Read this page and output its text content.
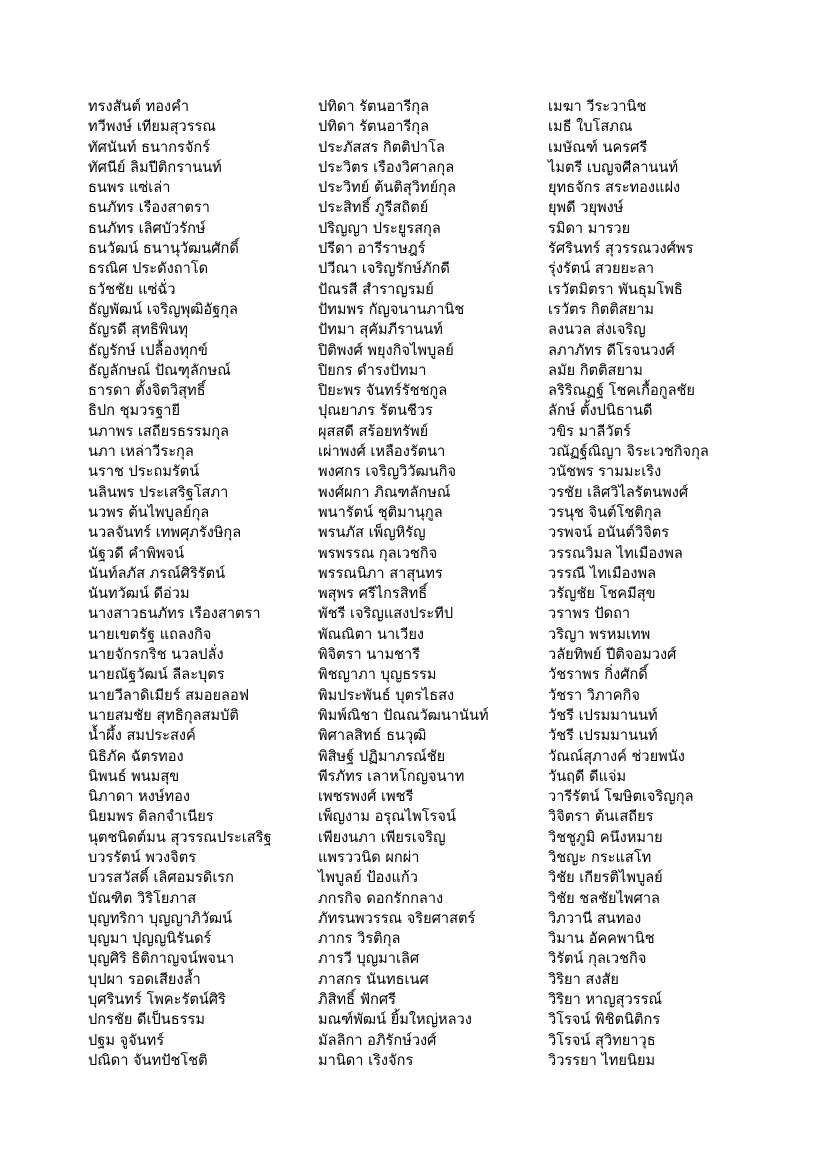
ทรงสันต์ ทองคำ
ทวีพงษ์ เทียมสุวรรณ
ทัศนันท์ ธนากรจักร์
ทัศนีย์ ลิมปีติกรานนท์
ธนพร แซ่เล่า
ธนภัทร เรืองสาตรา
ธนภัทร เลิศบัวรักษ์
ธนวัฒน์ ธนานุวัฒนศักดิ์
ธรณิศ ประดังถาโด
ธวัชชัย แซ่ฉั่ว
ธัญพัฒน์ เจริญพุฒิอัฐกุล
ธัญรดี สุทธิพินทุ
ธัญรักษ์ เปลื้องทุกข์
ธัญลักษณ์ ปัณฑุลักษณ์
ธารดา ตั้งจิตวิสุทธิ์
ธิปก ชุมวรฐายี
นภาพร เสถียรธรรมกุล
นภา เหล่าวีระกุล
นราช ประถมรัตน์
นลินพร ประเสริฐโสภา
นวพร ต้นไพบูลย์กุล
นวลจันทร์ เทพศุภรังษิกุล
นัฐวดี คำพิพจน์
นันท์ลภัส ภรณ์ศิริรัตน์
นันทวัฒน์ ดีอ่วม
นางสาวธนภัทร เรืองสาตรา
นายเขตรัฐ แถลงกิจ
นายจักรกริช นวลปลั่ง
นายณัฐวัฒน์ ลีละบุตร
นายวีลาดิเมียร์ สมอยลอฟ
นายสมชัย สุทธิกุลสมบัติ
น้ำผึ้ง สมประสงค์
นิธิภัค ฉัตรทอง
นิพนธ์ พนมสุข
นิภาดา หงษ์ทอง
นิยมพร ดิลกจำเนียร
นุตชนิดต์มน สุวรรณประเสริฐ
บวรรัตน์ พวงจิตร
บวรสวัสดิ์ เลิศอมรดิเรก
บัณฑิต วิริโยภาส
บุญทริกา บุญญาภิวัฒน์
บุญมา ปุญญนิรันดร์
บุญศิริ ธิติกาญจน์พจนา
บุปผา รอดเสียงล้ำ
บุศรินทร์ โพคะรัตน์ศิริ
ปกรชัย ดีเป็นธรรม
ปฐม จูจันทร์
ปณิดา จันทปัชโชติ
ปทิดา รัตนอารีกุล
ปทิดา รัตนอารีกุล
ประภัสสร กิตติปาโล
ประวิตร เรืองวิศาลกุล
ประวิทย์ ต้นติสุวิทย์กุล
ประสิทธิ์ ภูรีสถิตย์
ปริญญา ประยูรสกุล
ปรีดา อารีราษฎร์
ปวีณา เจริญรักษ์ภักดี
ปัณรสี สำราญรมย์
ปัทมพร กัญจนานภานิช
ปัทมา สุคัมภีรานนท์
ปิติพงศ์ พยุงกิจไพบูลย์
ปิยกร ดำรงปัทมา
ปิยะพร จันทร์รัชชกูล
ปุณยาภร รัตนชีวร
ผุสสดี สร้อยทรัพย์
เผ่าพงศ์ เหลืองรัตนา
พงศกร เจริญวิวัฒนกิจ
พงศ์ผกา ภิณฑลักษณ์
พนารัตน์ ชุติมานุกูล
พรนภัส เพ็ญหิรัญ
พรพรรณ กุลเวชกิจ
พรรณนิภา สาสุนทร
พสุพร ศรีไกรสิทธิ์
พัชรี เจริญแสงประทีป
พัณณิตา นาเวียง
พิจิตรา นามชารี
พิชญาภา บุญธรรม
พิมประพันธ์ บุตรไธสง
พิมพ์ณิชา ปัณณวัฒนานันท์
พิศาลสิทธ์ ธนวุฒิ
พิสิษฐ์ ปฏิมาภรณ์ชัย
พีรภัทร เลาหโกญจนาท
เพชรพงศ์ เพชรี
เพ็ญงาม อรุณไพโรจน์
เพียงนภา เพียรเจริญ
แพรววนิด ผกผ่า
ไพบูลย์ ป้องแก้ว
ภกรกิจ ดอกรักกลาง
ภัทรนพวรรณ จริยศาสตร์
ภากร วิรติกุล
ภารวี บุญมาเลิศ
ภาสกร นันทธเนศ
ภิสิทธิ์ ฟักศรี
มณฑ์พัฒน์ ยิ้มใหญ่หลวง
มัลลิกา อภิรักษ์วงศ์
มานิดา เริงจักร
เมฆา วีระวานิช
เมธี ใบโสภณ
เมษัณฑ์ นครศรี
ไมตรี เบญจศีลานนท์
ยุทธจักร สระทองแฝง
ยุพดี วยุพงษ์
รมิดา มารวย
รัศรินทร์ สุวรรณวงศ์พร
รุ่งรัตน์ สวยยะลา
เรวัตมิตรา พันธุมโพธิ
เรวัตร กิตติสยาม
ลงนวล ส่งเจริญ
ลภาภัทร ดีโรจนวงศ์
ลมัย กิตติสยาม
ลริริณฏฐ์ โชคเกื้อกูลชัย
ลักษ์ ตั้งปนิธานดี
วขิร มาลีวัตร์
วณัฏฐ์ณิญา จิระเวชกิจกุล
วนัชพร รามมะเริง
วรชัย เลิศวิไลรัตนพงศ์
วรนุช จินต์โชติกุล
วรพจน์ อนันต์วิจิตร
วรรณวิมล ไทเมืองพล
วรรณี ไทเมืองพล
วรัญชัย โชคมีสุข
วราพร ปัดถา
วริญา พรหมเทพ
วลัยทิพย์ ปีติจอมวงศ์
วัชราพร กิ่งศักดิ์
วัชรา วิภาคกิจ
วัชรี เปรมมานนท์
วัชรี เปรมมานนท์
วัณณ์สุภางค์ ช่วยพนัง
วันฤดี ดีแจ่ม
วารีรัตน์ โฆษิตเจริญกุล
วิจิตรา ต้นเสถียร
วิชชูภูมิ คนึงหมาย
วิชญะ กระแสโท
วิชัย เกียรติไพบูลย์
วิชัย ชลชัยไพศาล
วิภวานี สนทอง
วิมาน อัคคพานิช
วิรัตน์ กุลเวชกิจ
วิริยา สงสัย
วิริยา หาญสุวรรณ์
วิโรจน์ พิชิตนิติกร
วิโรจน์ สุวิทยาวุธ
วิวรรยา ไทยนิยม
